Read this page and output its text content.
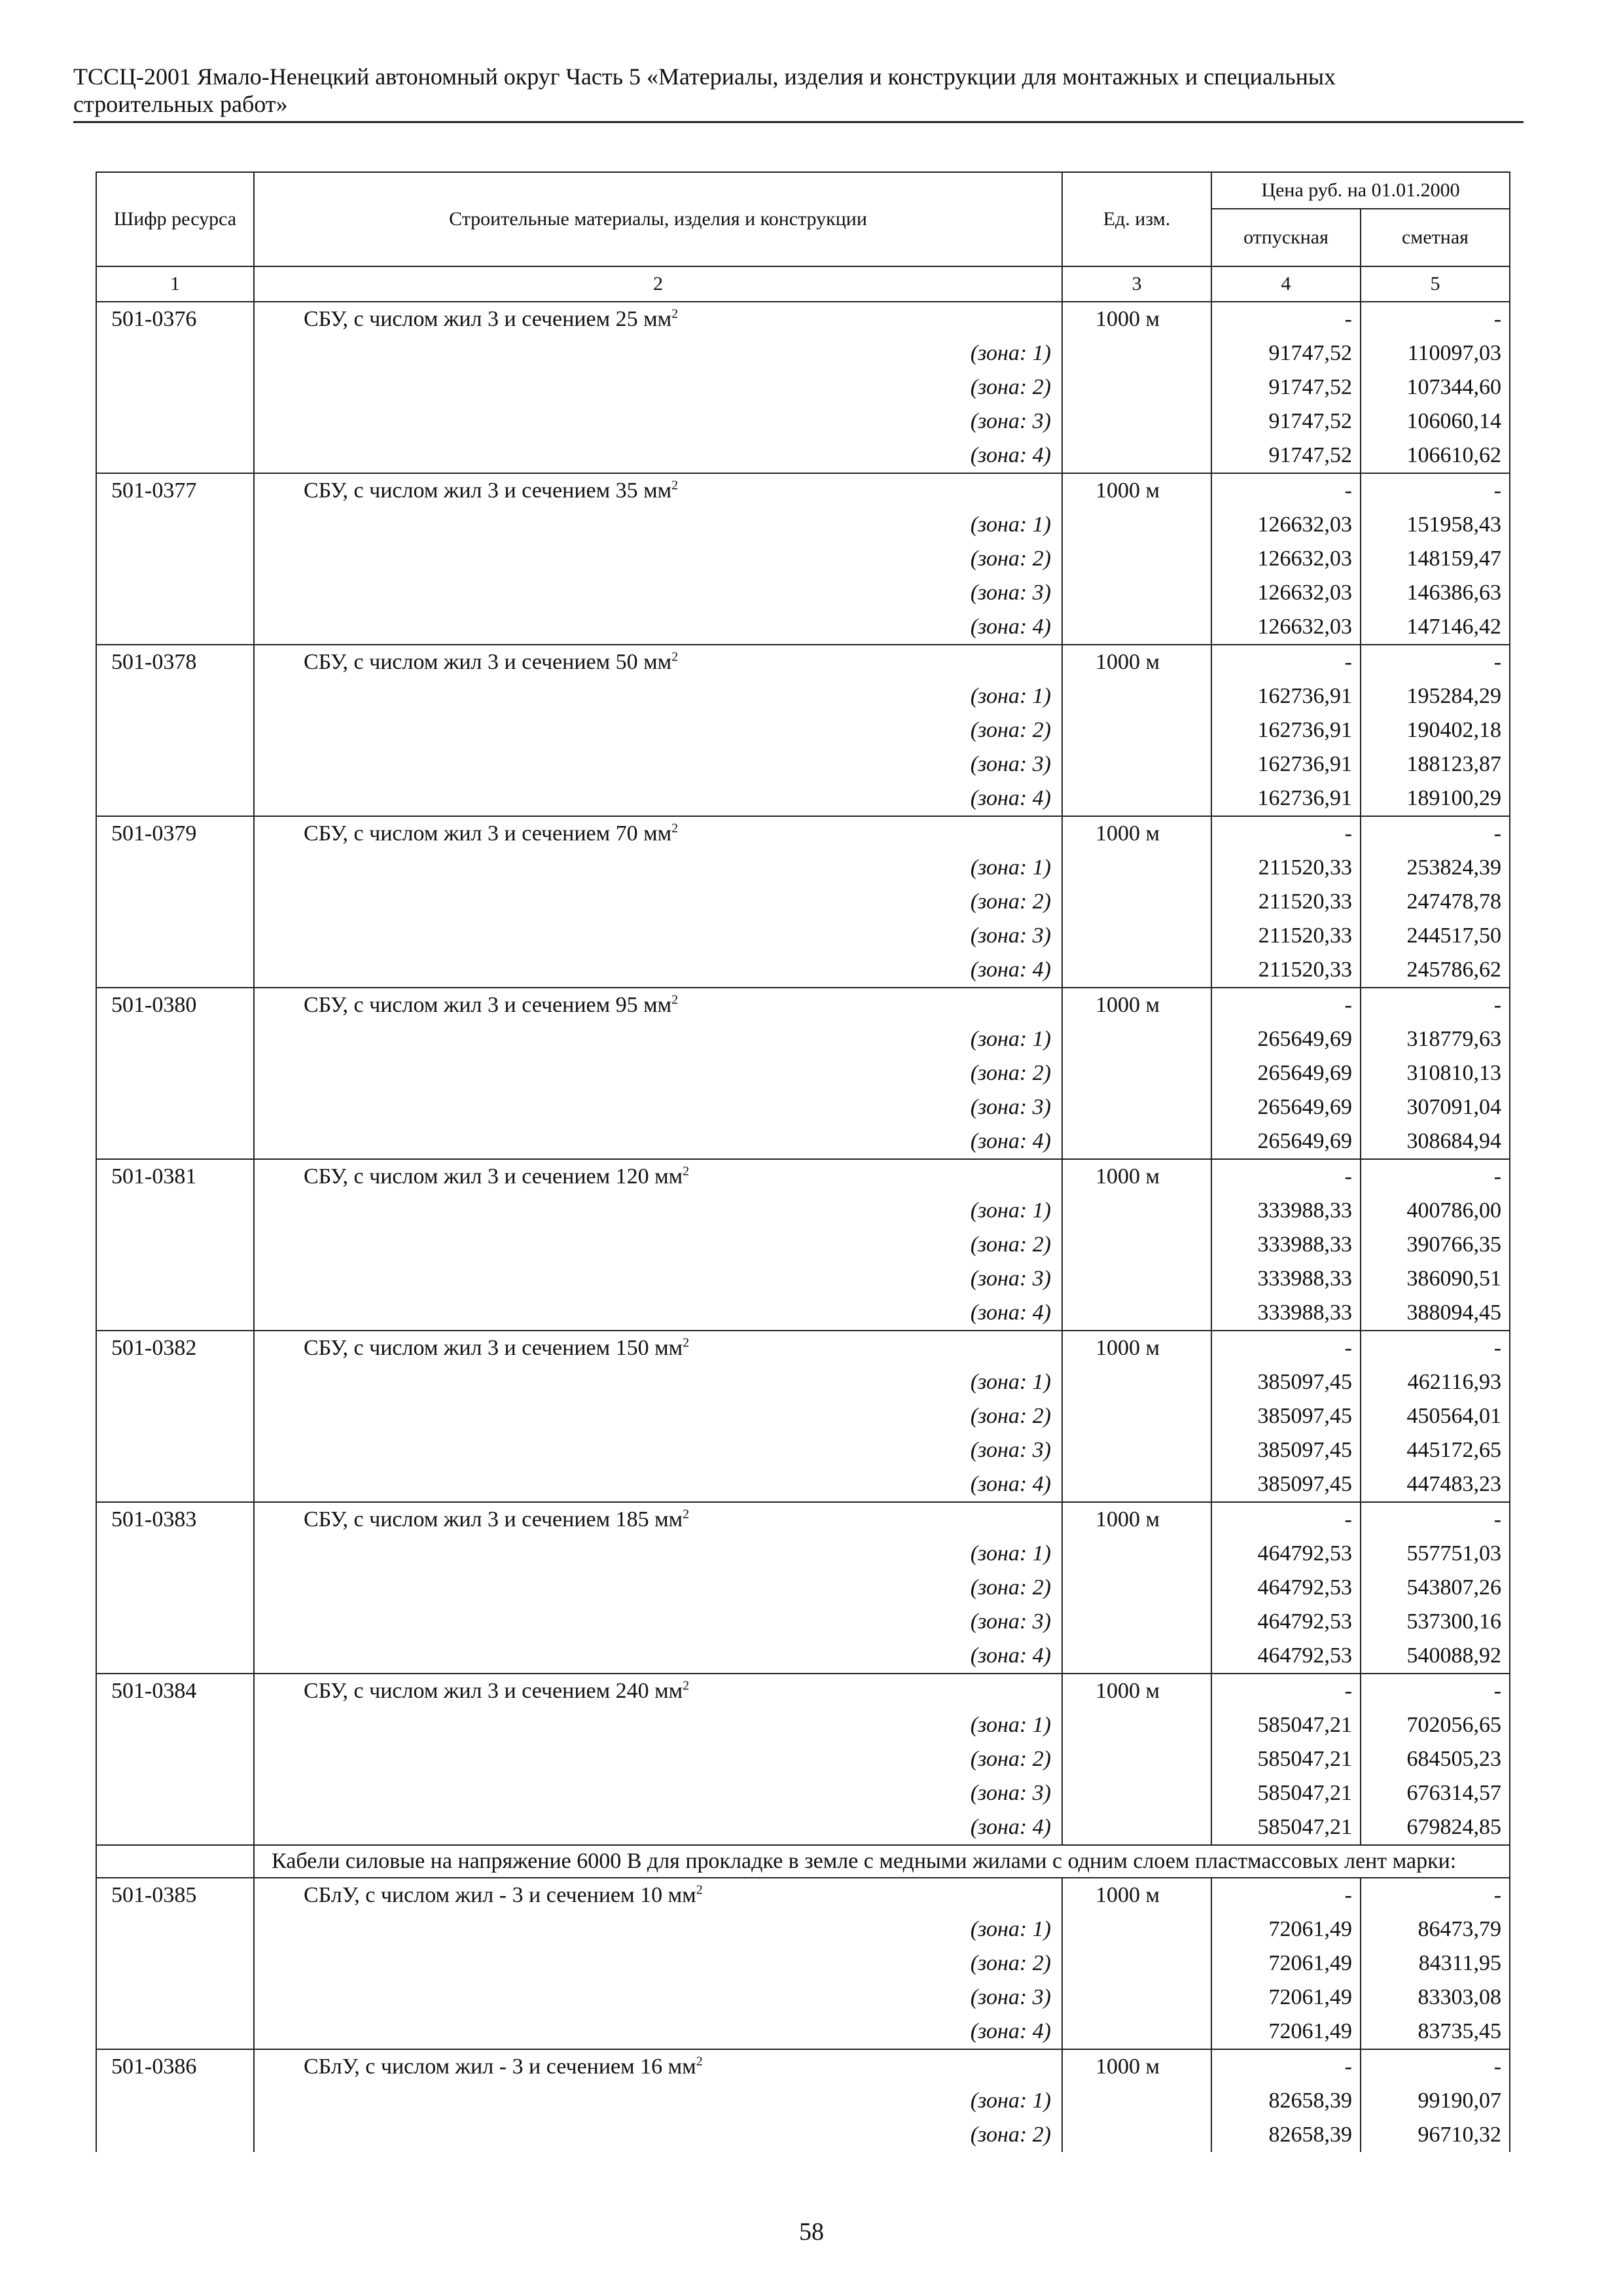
ТССЦ-2001 Ямало-Ненецкий автономный округ Часть 5 «Материалы, изделия и конструкции для монтажных и специальных
строительных работ»
Шифр ресурса	Строительные материалы, изделия и конструкции	Ед. изм.	Цена руб. на 01.01.2000	
			отпускная	сметная
1	2	3	4	5
501-0376	СБУ, с числом жил 3 и сечением 25 $мм^2$	1000 м	-	-
	(зона: 1)		91747,52	110097,03
	(зона: 2)		91747,52	107344,60
	(зона: 3)		91747,52	106060,14
	(зона: 4)		91747,52	106610,62
501-0377	СБУ, с числом жил 3 и сечением 35 $мм^2$	1000 м	-	-
	(зона: 1)		126632,03	151958,43
	(зона: 2)		126632,03	148159,47
	(зона: 3)		126632,03	146386,63
	(зона: 4)		126632,03	147146,42
501-0378	СБУ, с числом жил 3 и сечением 50 $мм^2$	1000 м	-	-
	(зона: 1)		162736,91	195284,29
	(зона: 2)		162736,91	190402,18
	(зона: 3)		162736,91	188123,87
	(зона: 4)		162736,91	189100,29
501-0379	СБУ, с числом жил 3 и сечением 70 $мм^2$	1000 м	-	-
	(зона: 1)		211520,33	253824,39
	(зона: 2)		211520,33	247478,78
	(зона: 3)		211520,33	244517,50
	(зона: 4)		211520,33	245786,62
501-0380	СБУ, с числом жил 3 и сечением 95 $мм^2$	1000 м	-	-
	(зона: 1)		265649,69	318779,63
	(зона: 2)		265649,69	310810,13
	(зона: 3)		265649,69	307091,04
	(зона: 4)		265649,69	308684,94
501-0381	СБУ, с числом жил 3 и сечением 120 $мм^2$	1000 м	-	-
	(зона: 1)		333988,33	400786,00
	(зона: 2)		333988,33	390766,35
	(зона: 3)		333988,33	386090,51
	(зона: 4)		333988,33	388094,45
501-0382	СБУ, с числом жил 3 и сечением 150 $мм^2$	1000 м	-	-
	(зона: 1)		385097,45	462116,93
	(зона: 2)		385097,45	450564,01
	(зона: 3)		385097,45	445172,65
	(зона: 4)		385097,45	447483,23
501-0383	СБУ, с числом жил 3 и сечением 185 $мм^2$	1000 м	-	-
	(зона: 1)		464792,53	557751,03
	(зона: 2)		464792,53	543807,26
	(зона: 3)		464792,53	537300,16
	(зона: 4)		464792,53	540088,92
501-0384	СБУ, с числом жил 3 и сечением 240 $мм^2$	1000 м	-	-
	(зона: 1)		585047,21	702056,65
	(зона: 2)		585047,21	684505,23
	(зона: 3)		585047,21	676314,57
	(зона: 4)		585047,21	679824,85
	Кабели силовые на напряжение 6000 В для прокладке в земле с медными жилами с одним слоем пластмассовых лент марки:			
501-0385	СБлУ, с числом жил - 3 и сечением 10 $мм^2$	1000 м	-	-
	(зона: 1)		72061,49	86473,79
	(зона: 2)		72061,49	84311,95
	(зона: 3)		72061,49	83303,08
	(зона: 4)		72061,49	83735,45
501-0386	СБлУ, с числом жил - 3 и сечением 16 $мм^2$	1000 м	-	-
	(зона: 1)		82658,39	99190,07
	(зона: 2)		82658,39	96710,32
58
